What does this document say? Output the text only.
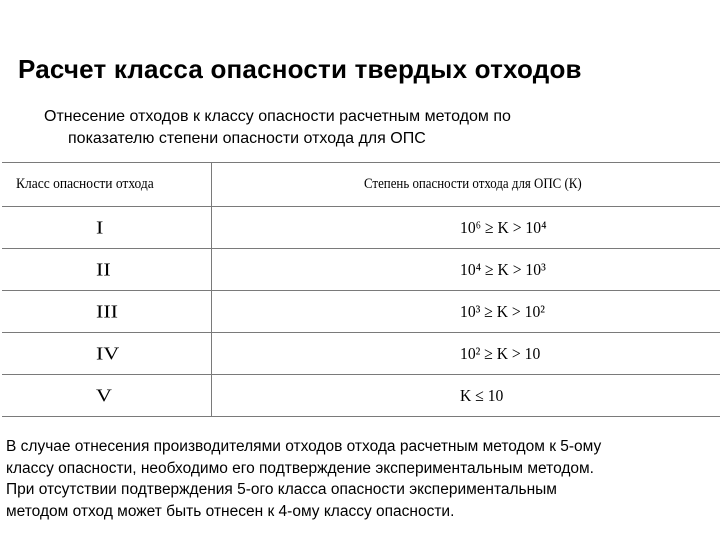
Расчет класса опасности твердых отходов
Отнесение отходов к классу опасности расчетным методом по
показателю степени опасности отхода для ОПС
Класс опасности отхода	Степень опасности отхода для ОПС (К)
I	10⁶ ≥ K > 10⁴
II	10⁴ ≥ K > 10³
III	10³ ≥ K > 10²
IV	10² ≥ K > 10
V	K ≤ 10
В случае отнесения производителями отходов отхода расчетным методом к 5-ому
классу опасности, необходимо его подтверждение экспериментальным методом.
При отсутствии подтверждения 5-ого класса опасности экспериментальным
методом отход может быть отнесен к 4-ому классу опасности.
